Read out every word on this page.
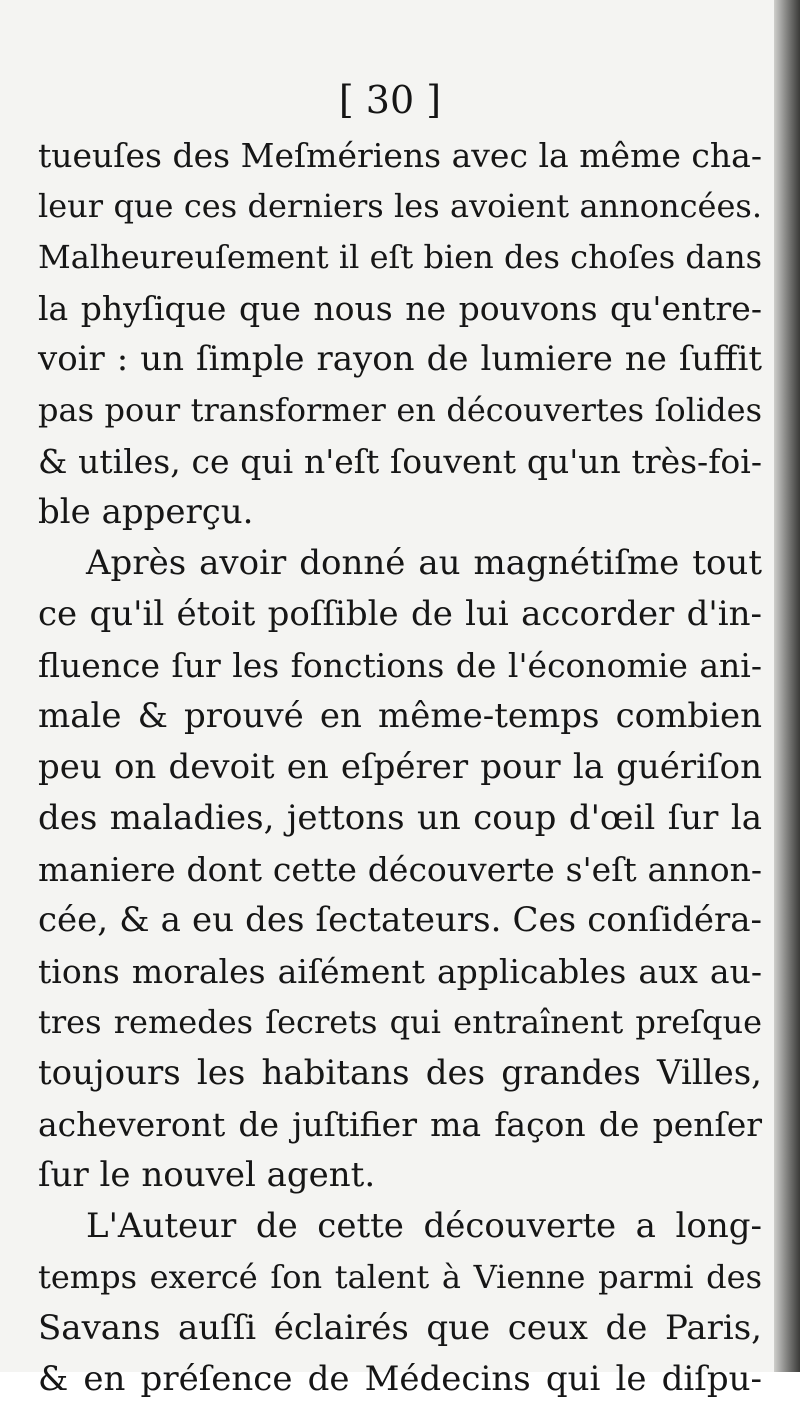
[ 30 ]
tueuſes des Meſmériens avec la même cha-
leur que ces derniers les avoient annoncées.
Malheureuſement il eſt bien des choſes dans
la phyſique que nous ne pouvons qu'entre-
voir : un ſimple rayon de lumiere ne ſuffit
pas pour transformer en découvertes ſolides
& utiles, ce qui n'eſt ſouvent qu'un très-foi-
ble apperçu.
Après avoir donné au magnétiſme tout
ce qu'il étoit poſſible de lui accorder d'in-
fluence ſur les fonctions de l'économie ani-
male & prouvé en même-temps combien
peu on devoit en eſpérer pour la guériſon
des maladies, jettons un coup d'œil ſur la
maniere dont cette découverte s'eſt annon-
cée, & a eu des ſectateurs. Ces conſidéra-
tions morales aiſément applicables aux au-
tres remedes ſecrets qui entraînent preſque
toujours les habitans des grandes Villes,
acheveront de juſtifier ma façon de penſer
ſur le nouvel agent.
L'Auteur de cette découverte a long-
temps exercé ſon talent à Vienne parmi des
Savans auſſi éclairés que ceux de Paris,
& en préſence de Médecins qui le diſpu-
